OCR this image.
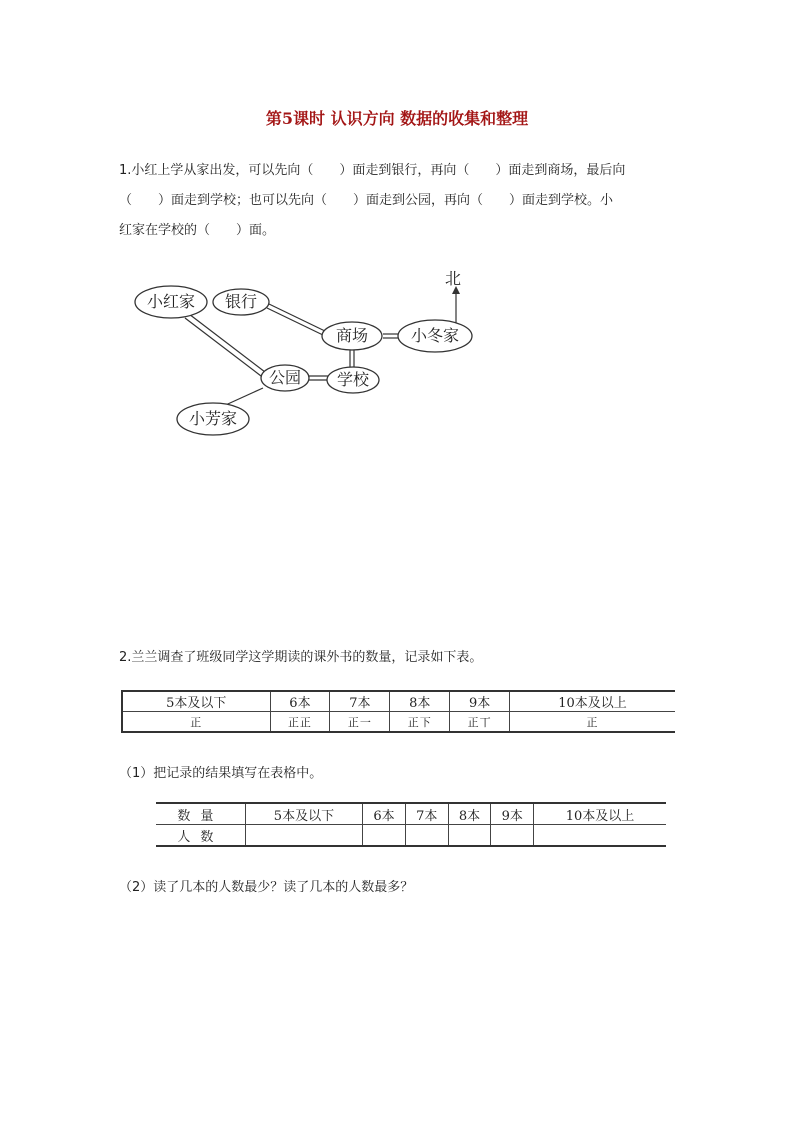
第5课时 认识方向 数据的收集和整理
1.小红上学从家出发，可以先向（　　）面走到银行，再向（　　）面走到商场，最后向
（　　）面走到学校；也可以先向（　　）面走到公园，再向（　　）面走到学校。小
红家在学校的（　　）面。
北
小红家 银行
商场	小冬家
公园 学校
小芳家
2.兰兰调查了班级同学这学期读的课外书的数量，记录如下表。
5本及以下	6本	7本	8本	9本	10本及以上
正	正正	正一	正下	正丅	正
（1）把记录的结果填写在表格中。
数量	5本及以下	6本	7本	8本	9本	10本及以上
人数						
（2）读了几本的人数最少？读了几本的人数最多？
